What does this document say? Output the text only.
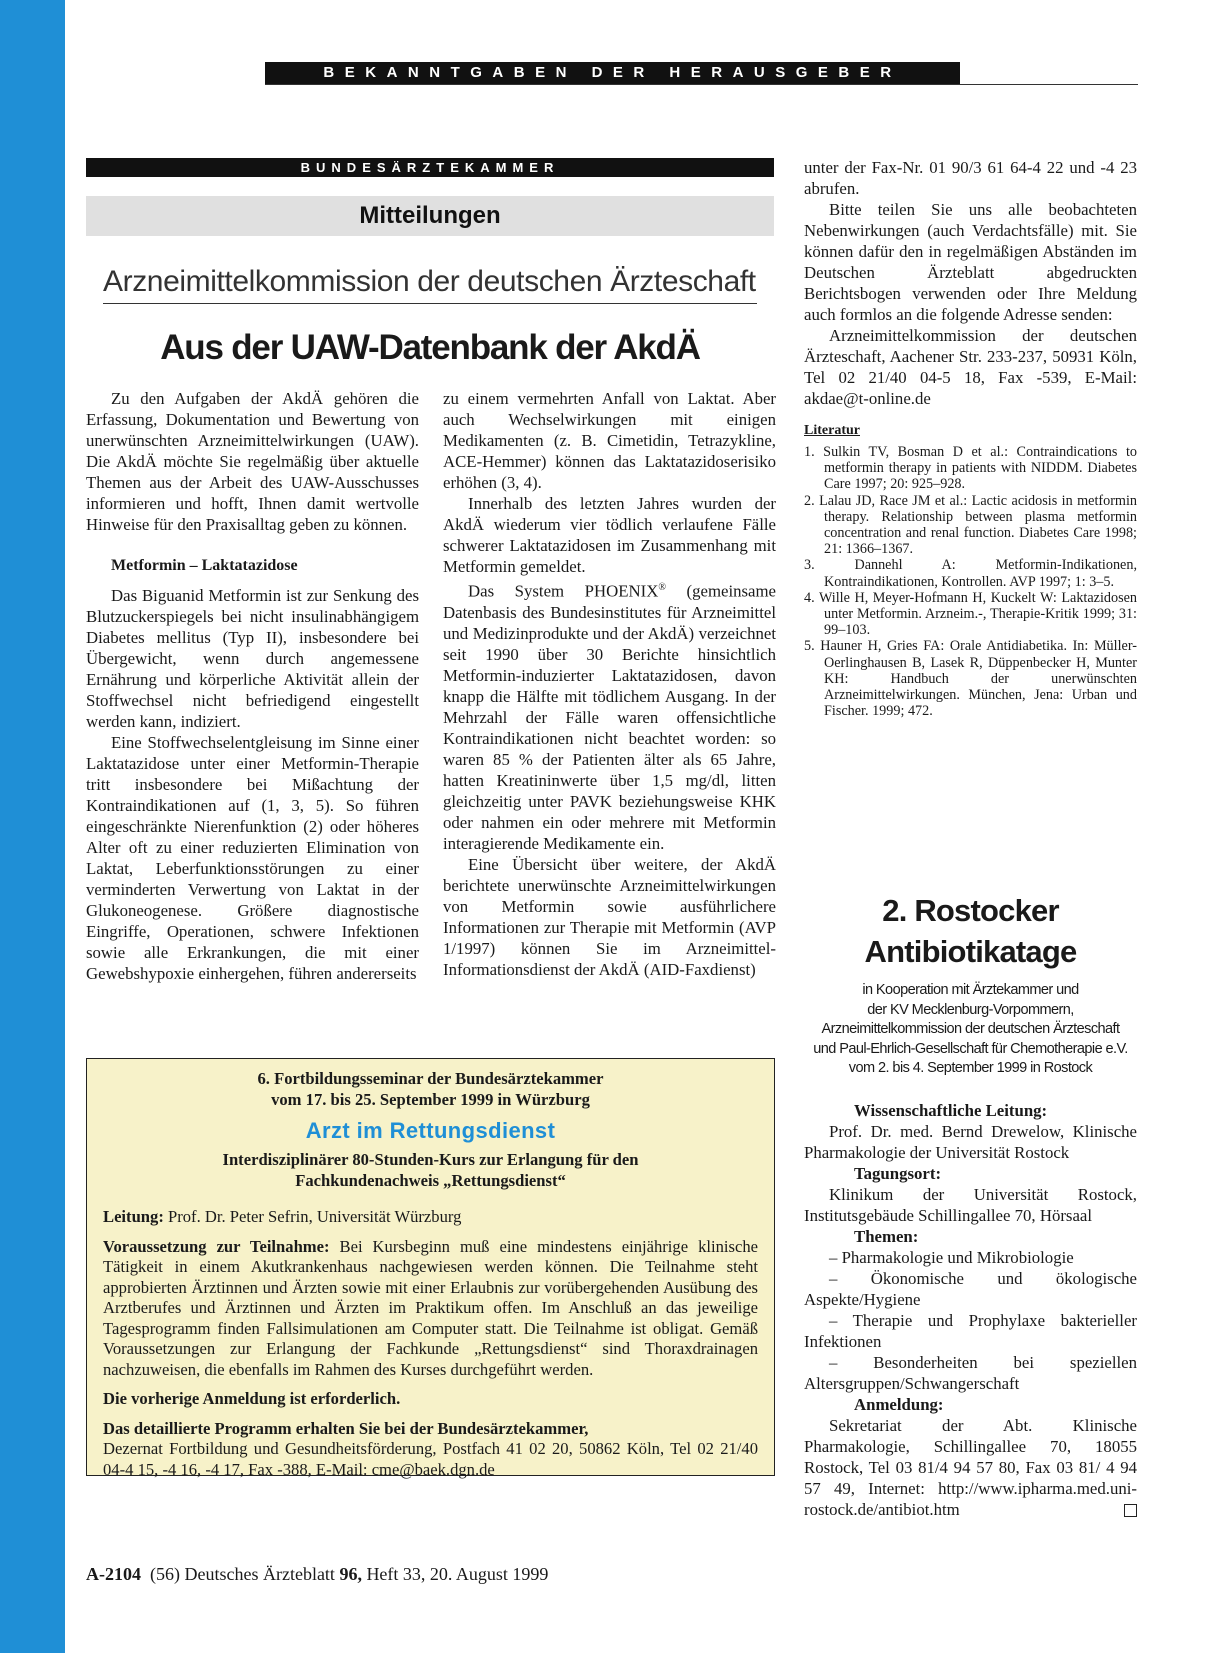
BEKANNTGABEN DER HERAUSGEBER
BUNDESÄRZTEKAMMER
Mitteilungen
Arzneimittelkommission der deutschen Ärzteschaft
Aus der UAW-Datenbank der AkdÄ

Zu den Aufgaben der AkdÄ gehören die Erfassung, Dokumentation und Bewertung von unerwünschten Arzneimittelwirkungen (UAW). Die AkdÄ möchte Sie regelmäßig über aktuelle Themen aus der Arbeit des UAW-Ausschusses informieren und hofft, Ihnen damit wertvolle Hinweise für den Praxisalltag geben zu können.

Metformin – Laktatazidose

Das Biguanid Metformin ist zur Senkung des Blutzuckerspiegels bei nicht insulinabhängigem Diabetes mellitus (Typ II), insbesondere bei Übergewicht, wenn durch angemessene Ernährung und körperliche Aktivität allein der Stoffwechsel nicht befriedigend eingestellt werden kann, indiziert.

Eine Stoffwechselentgleisung im Sinne einer Laktatazidose unter einer Metformin-Therapie tritt insbesondere bei Mißachtung der Kontraindikationen auf (1, 3, 5). So führen eingeschränkte Nierenfunktion (2) oder höheres Alter oft zu einer reduzierten Elimination von Laktat, Leberfunktionsstörungen zu einer verminderten Verwertung von Laktat in der Glukoneogenese. Größere diagnostische Eingriffe, Operationen, schwere Infektionen sowie alle Erkrankungen, die mit einer Gewebshypoxie einhergehen, führen andererseits

zu einem vermehrten Anfall von Laktat. Aber auch Wechselwirkungen mit einigen Medikamenten (z. B. Cimetidin, Tetrazykline, ACE-Hemmer) können das Laktatazidoserisiko erhöhen (3, 4).

Innerhalb des letzten Jahres wurden der AkdÄ wiederum vier tödlich verlaufene Fälle schwerer Laktatazidosen im Zusammenhang mit Metformin gemeldet.

Das System PHOENIX® (gemeinsame Datenbasis des Bundesinstitutes für Arzneimittel und Medizinprodukte und der AkdÄ) verzeichnet seit 1990 über 30 Berichte hinsichtlich Metformin-induzierter Laktatazidosen, davon knapp die Hälfte mit tödlichem Ausgang. In der Mehrzahl der Fälle waren offensichtliche Kontraindikationen nicht beachtet worden: so waren 85 % der Patienten älter als 65 Jahre, hatten Kreatininwerte über 1,5 mg/dl, litten gleichzeitig unter PAVK beziehungsweise KHK oder nahmen ein oder mehrere mit Metformin interagierende Medikamente ein.

Eine Übersicht über weitere, der AkdÄ berichtete unerwünschte Arzneimittelwirkungen von Metformin sowie ausführlichere Informationen zur Therapie mit Metformin (AVP 1/1997) können Sie im Arzneimittel-Informationsdienst der AkdÄ (AID-Faxdienst)

unter der Fax-Nr. 01 90/3 61 64-4 22 und -4 23 abrufen.

Bitte teilen Sie uns alle beobachteten Nebenwirkungen (auch Verdachtsfälle) mit. Sie können dafür den in regelmäßigen Abständen im Deutschen Ärzteblatt abgedruckten Berichtsbogen verwenden oder Ihre Meldung auch formlos an die folgende Adresse senden:

Arzneimittelkommission der deutschen Ärzteschaft, Aachener Str. 233-237, 50931 Köln, Tel 02 21/40 04-5 18, Fax -539, E-Mail: akdae@t-online.de

Literatur
1. Sulkin TV, Bosman D et al.: Contraindications to metformin therapy in patients with NIDDM. Diabetes Care 1997; 20: 925–928.
2. Lalau JD, Race JM et al.: Lactic acidosis in metformin therapy. Relationship between plasma metformin concentration and renal function. Diabetes Care 1998; 21: 1366–1367.
3. Dannehl A: Metformin-Indikationen, Kontraindikationen, Kontrollen. AVP 1997; 1: 3–5.
4. Wille H, Meyer-Hofmann H, Kuckelt W: Laktazidosen unter Metformin. Arzneim.-, Therapie-Kritik 1999; 31: 99–103.
5. Hauner H, Gries FA: Orale Antidiabetika. In: Müller-Oerlinghausen B, Lasek R, Düppenbecker H, Munter KH: Handbuch der unerwünschten Arzneimittelwirkungen. München, Jena: Urban und Fischer. 1999; 472.
2. Rostocker
Antibiotikatage
in Kooperation mit Ärztekammer und
der KV Mecklenburg-Vorpommern,
Arzneimittelkommission der deutschen Ärzteschaft
und Paul-Ehrlich-Gesellschaft für Chemotherapie e.V.
vom 2. bis 4. September 1999 in Rostock

Wissenschaftliche Leitung:

Prof. Dr. med. Bernd Drewelow, Klinische Pharmakologie der Universität Rostock

Tagungsort:

Klinikum der Universität Rostock, Institutsgebäude Schillingallee 70, Hörsaal

Themen:

– Pharmakologie und Mikrobiologie

– Ökonomische und ökologische Aspekte/Hygiene

– Therapie und Prophylaxe bakterieller Infektionen

– Besonderheiten bei speziellen Altersgruppen/Schwangerschaft

Anmeldung:

Sekretariat der Abt. Klinische Pharmakologie, Schillingallee 70, 18055 Rostock, Tel 03 81/4 94 57 80, Fax 03 81/ 4 94 57 49, Internet: http://www.ipharma.med.uni-rostock.de/antibiot.htm

6. Fortbildungsseminar der Bundesärztekammer
vom 17. bis 25. September 1999 in Würzburg
Arzt im Rettungsdienst
Interdisziplinärer 80-Stunden-Kurs zur Erlangung für den
Fachkundenachweis „Rettungsdienst“

Leitung: Prof. Dr. Peter Sefrin, Universität Würzburg

Voraussetzung zur Teilnahme: Bei Kursbeginn muß eine mindestens einjährige klinische Tätigkeit in einem Akutkrankenhaus nachgewiesen werden können. Die Teilnahme steht approbierten Ärztinnen und Ärzten sowie mit einer Erlaubnis zur vorübergehenden Ausübung des Arztberufes und Ärztinnen und Ärzten im Praktikum offen. Im Anschluß an das jeweilige Tagesprogramm finden Fallsimulationen am Computer statt. Die Teilnahme ist obligat. Gemäß Voraussetzungen zur Erlangung der Fachkunde „Rettungsdienst“ sind Thoraxdrainagen nachzuweisen, die ebenfalls im Rahmen des Kurses durchgeführt werden.

Die vorherige Anmeldung ist erforderlich.

Das detaillierte Programm erhalten Sie bei der Bundesärztekammer,
Dezernat Fortbildung und Gesundheitsförderung, Postfach 41 02 20, 50862 Köln, Tel 02 21/40 04-4 15, -4 16, -4 17, Fax -388, E-Mail: cme@baek.dgn.de

A-2104  (56) Deutsches Ärzteblatt 96, Heft 33, 20. August 1999
